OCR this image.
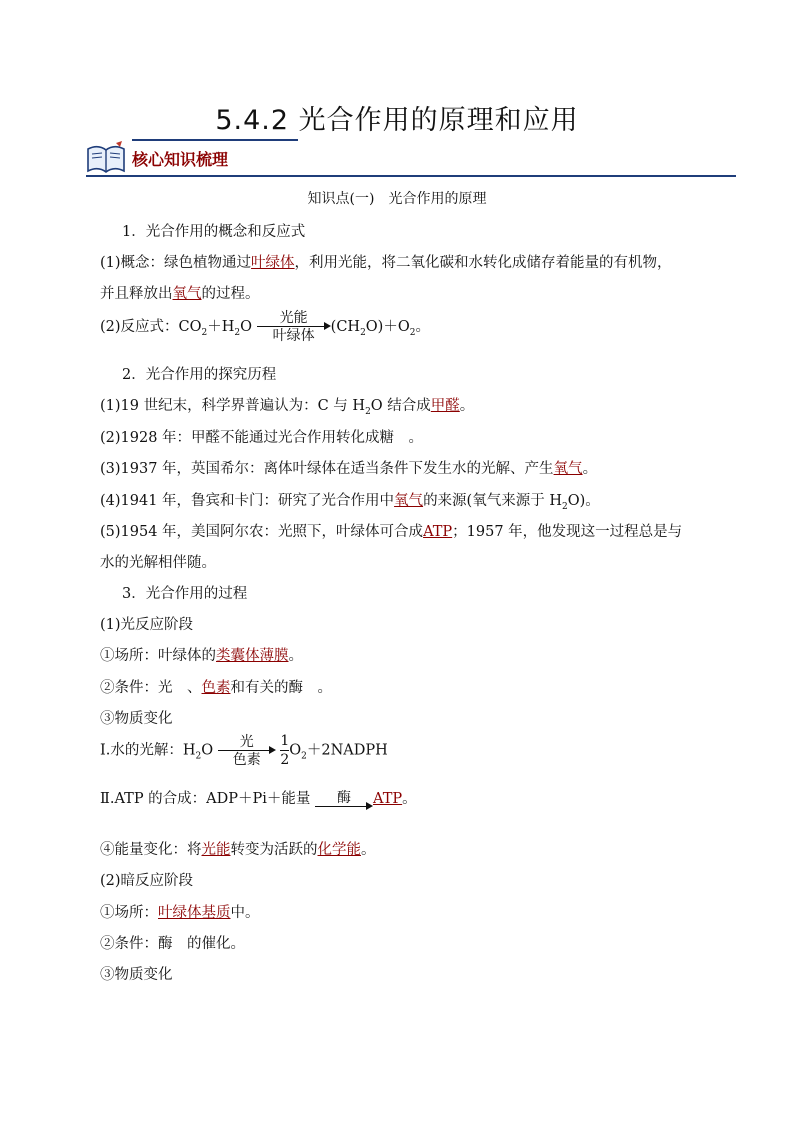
5.4.2 光合作用的原理和应用
核心知识梳理
知识点(一)　光合作用的原理
1．光合作用的概念和反应式
(1)概念：绿色植物通过叶绿体，利用光能，将二氧化碳和水转化成储存着能量的有机物，
并且释放出氧气的过程。
(2)反应式：$CO_2+H_2O$
光能
叶绿体
$(CH_2O)+O_2$。
2．光合作用的探究历程
(1)19 世纪末，科学界普遍认为：C 与 $H_2O$ 结合成甲醛。
(2)1928 年：甲醛不能通过光合作用转化成糖　。
(3)1937 年，英国希尔：离体叶绿体在适当条件下发生水的光解、产生氧气。
(4)1941 年，鲁宾和卡门：研究了光合作用中氧气的来源(氧气来源于 $H_2O$)。
(5)1954 年，美国阿尔农：光照下，叶绿体可合成ATP；1957 年，他发现这一过程总是与
水的光解相伴随。
3．光合作用的过程
(1)光反应阶段
①场所：叶绿体的类囊体薄膜。
②条件：光　、色素和有关的酶　。
③物质变化
Ⅰ.水的光解：$H_2O$
光
色素
	$\frac{1}{2}$ $O_2+2NADPH$
Ⅱ.ATP 的合成：ADP＋Pi＋能量	酶	ATP。
④能量变化：将光能转变为活跃的化学能。
(2)暗反应阶段
①场所：叶绿体基质中。
②条件：酶　的催化。
③物质变化
